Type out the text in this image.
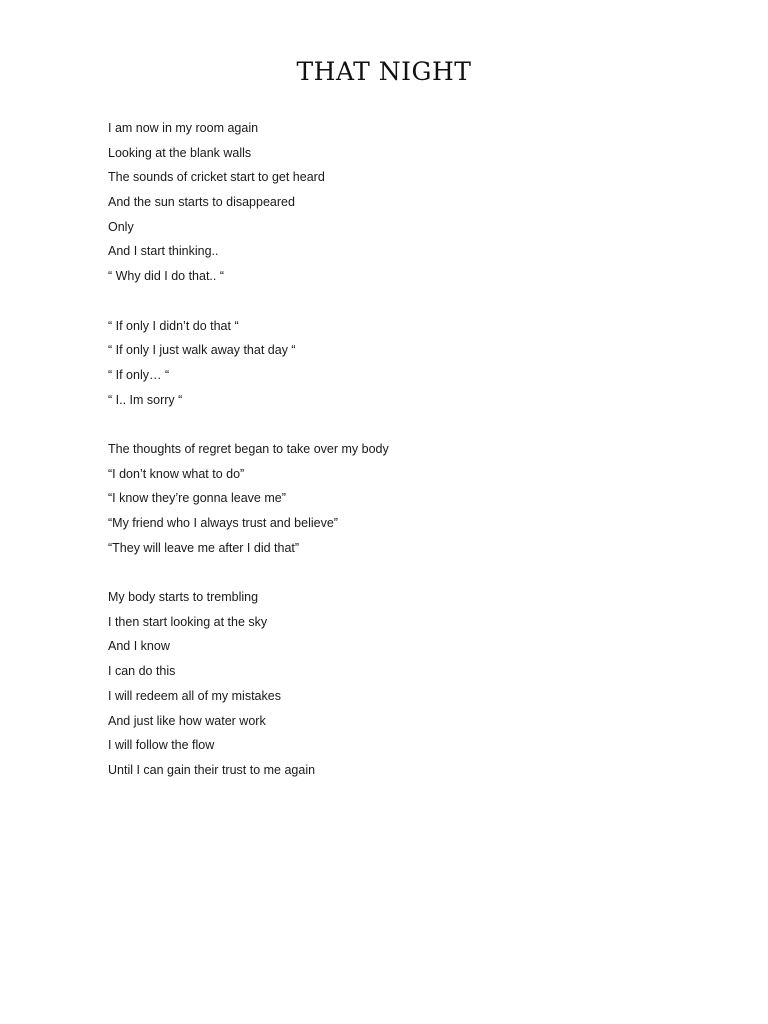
THAT NIGHT
I am now in my room again
Looking at the blank walls
The sounds of cricket start to get heard
And the sun starts to disappeared
Only
And I start thinking..
“ Why did I do that.. “
“ If only I didn’t do that “
“ If only I just walk away that day “
“ If only… “
“ I.. Im sorry “
The thoughts of regret began to take over my body
“I don’t know what to do”
“I know they’re gonna leave me”
“My friend who I always trust and believe”
“They will leave me after I did that”
My body starts to trembling
I then start looking at the sky
And I know
I can do this
I will redeem all of my mistakes
And just like how water work
I will follow the flow
Until I can gain their trust to me again
